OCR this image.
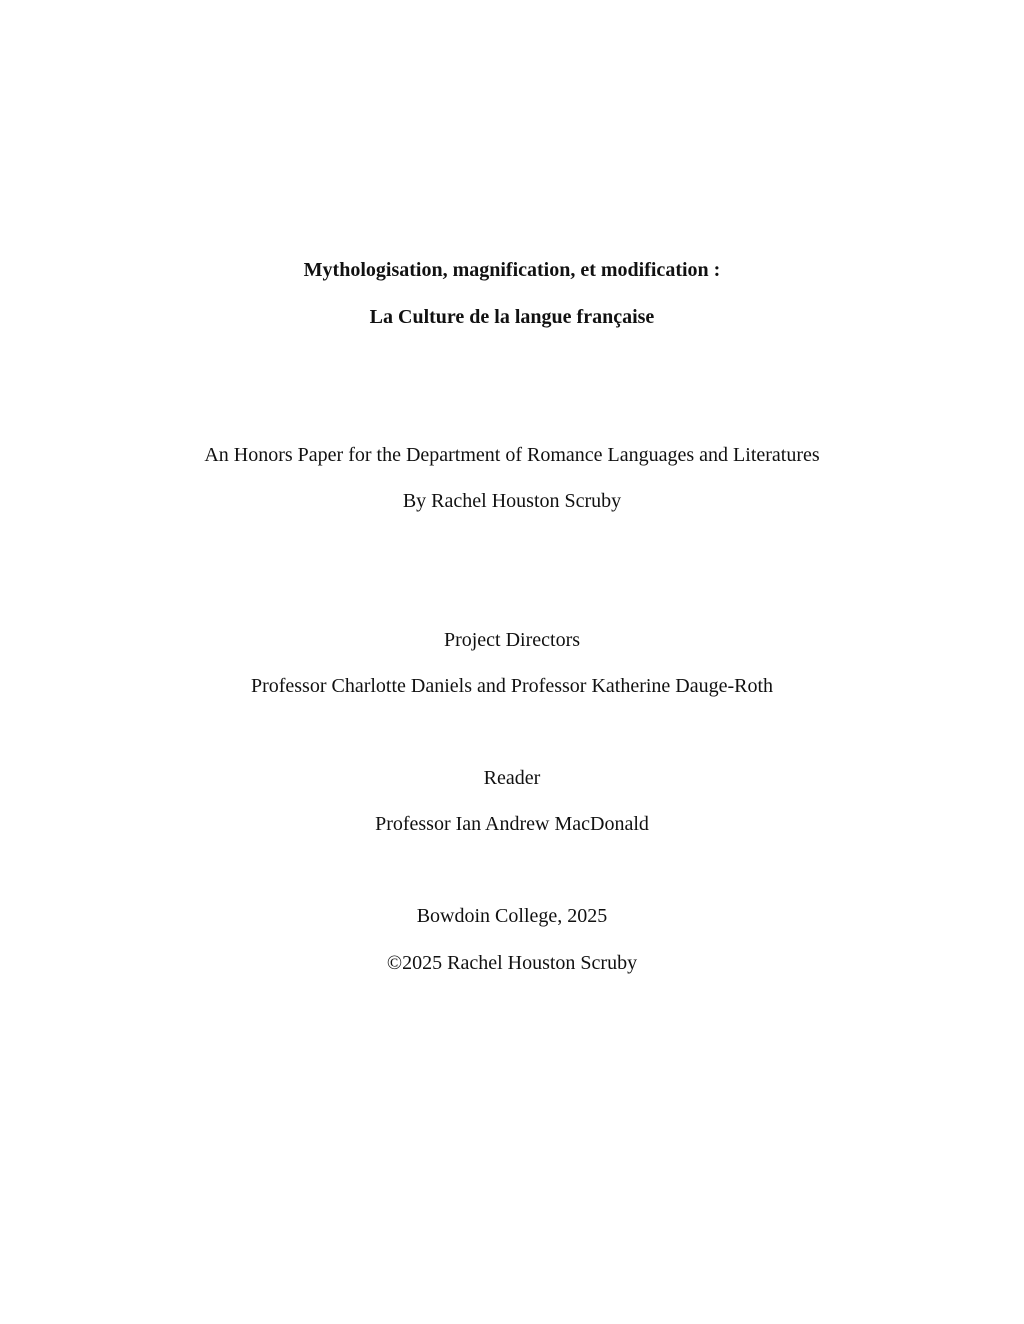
Mythologisation, magnification, et modification :
La Culture de la langue française
An Honors Paper for the Department of Romance Languages and Literatures
By Rachel Houston Scruby
Project Directors
Professor Charlotte Daniels and Professor Katherine Dauge-Roth
Reader
Professor Ian Andrew MacDonald
Bowdoin College, 2025
©2025 Rachel Houston Scruby
